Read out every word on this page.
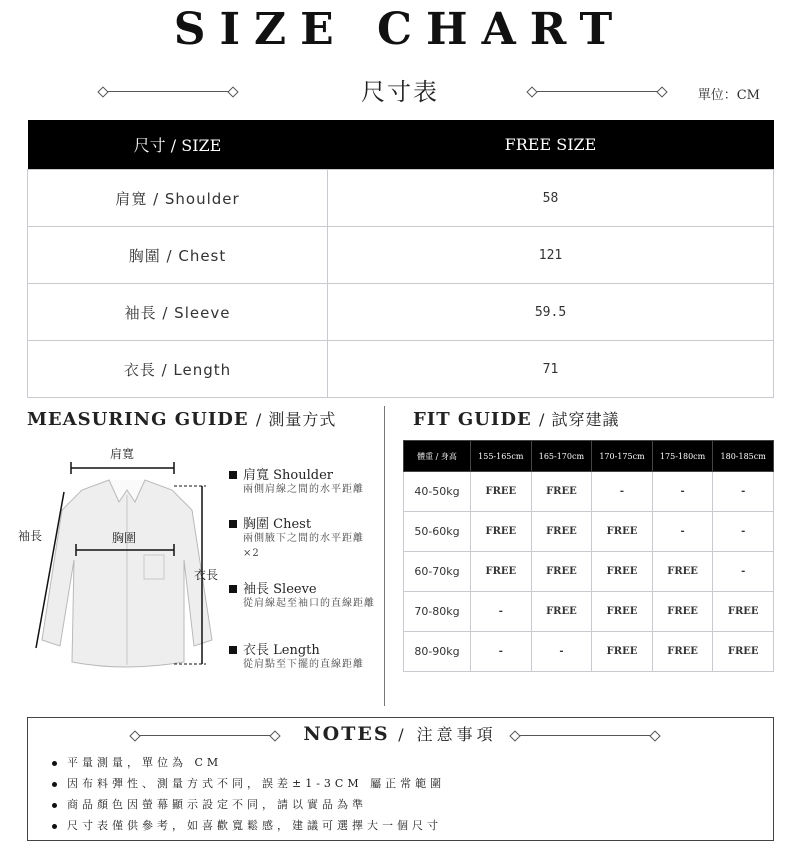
SIZE CHART
尺寸表	單位：CM
尺寸 / SIZE	FREE SIZE
肩寬 / Shoulder	58
胸圍 / Chest	121
袖長 / Sleeve	59.5
衣長 / Length	71
MEASURING GUIDE / 測量方式
肩寬
胸圍
袖長
衣長
肩寬 Shoulder
兩側肩線之間的水平距離
胸圍 Chest
兩側腋下之間的水平距離
×2
袖長 Sleeve
從肩線起至袖口的直線距離
衣長 Length
從肩點至下擺的直線距離
FIT GUIDE / 試穿建議
體重 / 身高	155-165cm	165-170cm	170-175cm	175-180cm	180-185cm
40-50kg	FREE	FREE	-	-	-
50-60kg	FREE	FREE	FREE	-	-
60-70kg	FREE	FREE	FREE	FREE	-
70-80kg	-	FREE	FREE	FREE	FREE
80-90kg	-	-	FREE	FREE	FREE
NOTES / 注意事項
平量測量，單位為 CM
因布料彈性、測量方式不同，誤差±1-3CM 屬正常範圍
商品顏色因螢幕顯示設定不同，請以實品為準
尺寸表僅供參考，如喜歡寬鬆感，建議可選擇大一個尺寸
